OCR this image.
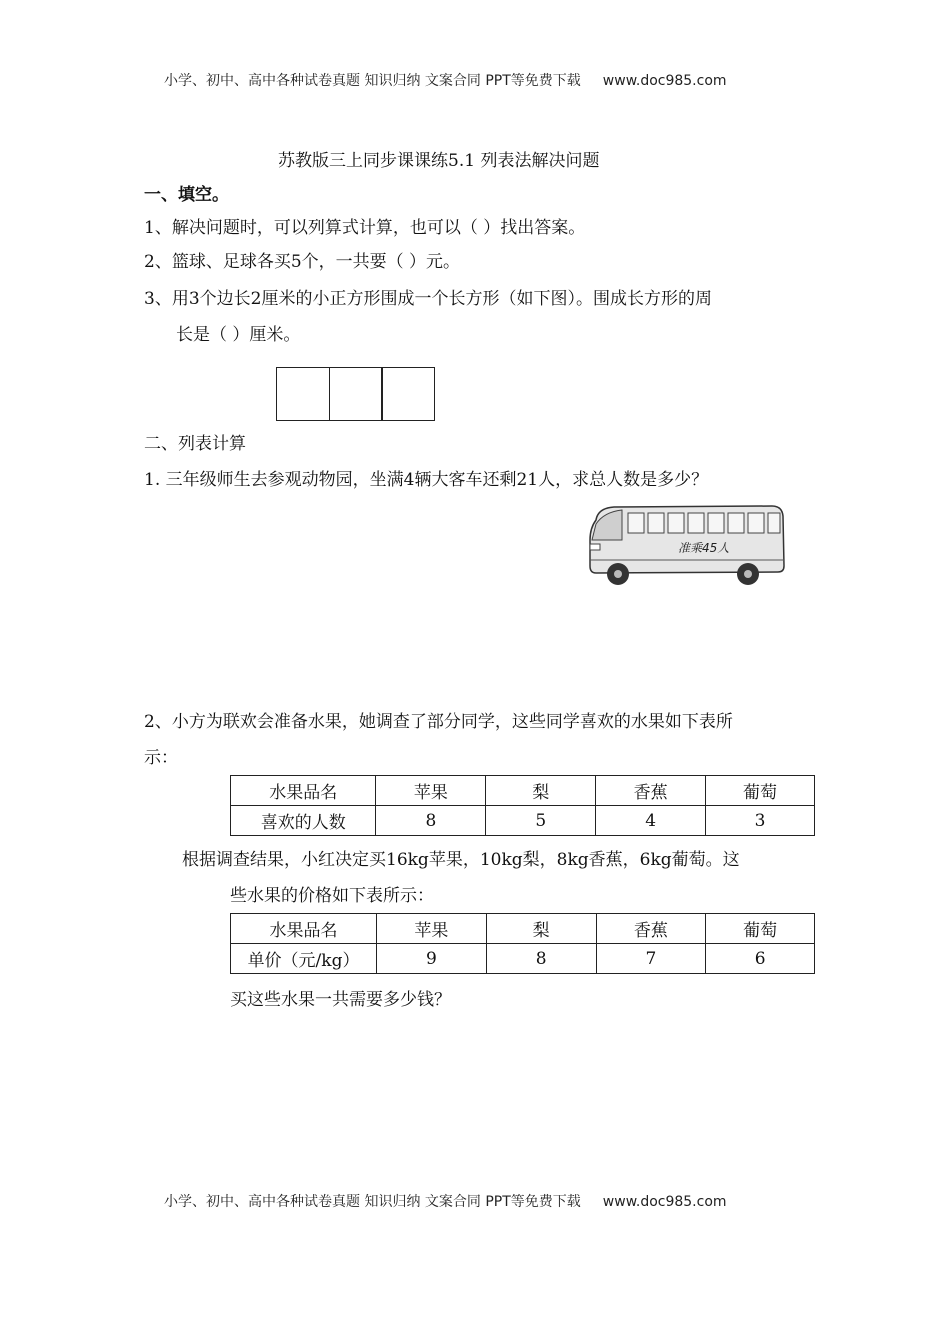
小学、初中、高中各种试卷真题 知识归纳 文案合同 PPT等免费下载 www.doc985.com
苏教版三上同步课课练5.1 列表法解决问题
一、填空。
1、解决问题时，可以列算式计算，也可以（ ）找出答案。
2、篮球、足球各买5个，一共要（ ）元。
3、用3个边长2厘米的小正方形围成一个长方形（如下图）。围成长方形的周
长是（ ）厘米。
二、列表计算
1. 三年级师生去参观动物园，坐满4辆大客车还剩21人，求总人数是多少？
准乘45人
2、小方为联欢会准备水果，她调查了部分同学，这些同学喜欢的水果如下表所
示：
水果品名	苹果	梨	香蕉	葡萄
喜欢的人数	8	5	4	3
根据调查结果，小红决定买16kg苹果，10kg梨，8kg香蕉，6kg葡萄。这
些水果的价格如下表所示：
水果品名	苹果	梨	香蕉	葡萄
单价（元/kg）	9	8	7	6
买这些水果一共需要多少钱？
小学、初中、高中各种试卷真题 知识归纳 文案合同 PPT等免费下载 www.doc985.com
